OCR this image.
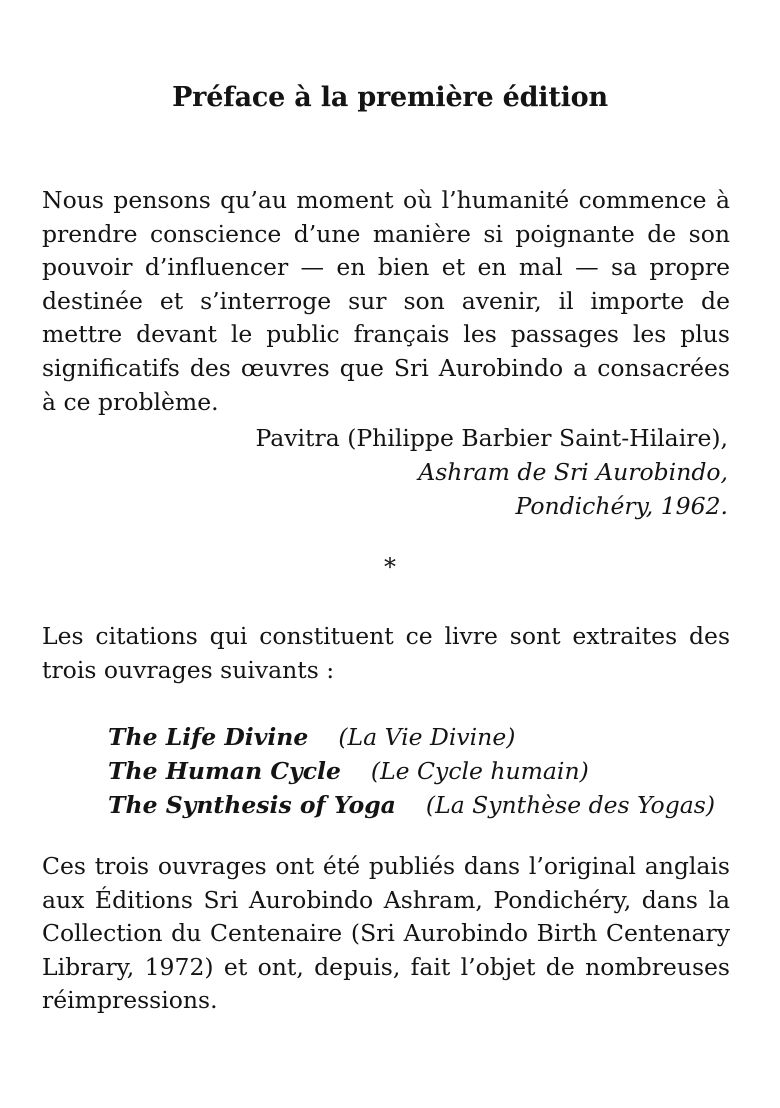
Préface à la première édition

Nous pensons qu’au moment où l’humanité commence à prendre conscience d’une manière si poignante de son pouvoir d’influencer — en bien et en mal — sa propre destinée et s’interroge sur son avenir, il importe de mettre devant le public français les passages les plus significatifs des œuvres que Sri Aurobindo a consacrées à ce problème.

Pavitra (Philippe Barbier Saint-Hilaire),
Ashram de Sri Aurobindo,
Pondichéry, 1962.
*

Les citations qui constituent ce livre sont extraites des trois ouvrages suivants :

The Life Divine (La Vie Divine)
The Human Cycle (Le Cycle humain)
The Synthesis of Yoga (La Synthèse des Yogas)

Ces trois ouvrages ont été publiés dans l’original anglais aux Éditions Sri Aurobindo Ashram, Pondichéry, dans la Collection du Centenaire (Sri Aurobindo Birth Centenary Library, 1972) et ont, depuis, fait l’objet de nombreuses réimpressions.
